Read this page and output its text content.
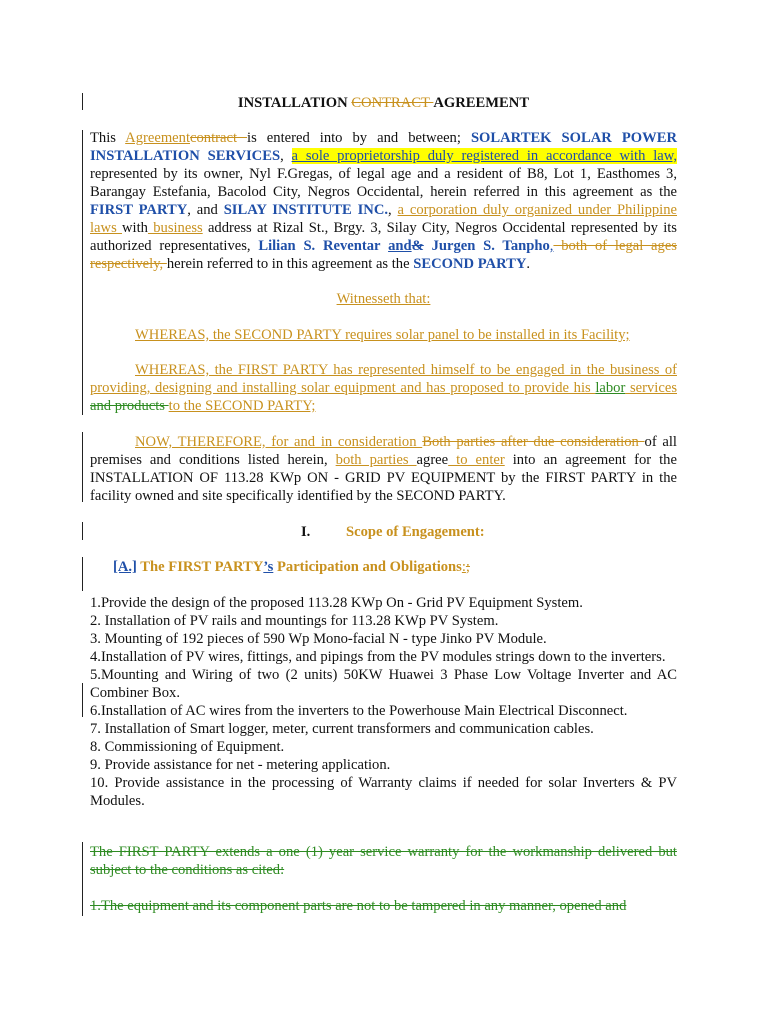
INSTALLATION CONTRACT AGREEMENT
This Agreementcontract is entered into by and between; SOLARTEK SOLAR POWER INSTALLATION SERVICES, a sole proprietorship duly registered in accordance with law, represented by its owner, Nyl F.Gregas, of legal age and a resident of B8, Lot 1, Easthomes 3, Barangay Estefania, Bacolod City, Negros Occidental, herein referred in this agreement as the FIRST PARTY, and SILAY INSTITUTE INC., a corporation duly organized under Philippine laws with business address at Rizal St., Brgy. 3, Silay City, Negros Occidental represented by its authorized representatives, Lilian S. Reventar and& Jurgen S. Tanpho, both of legal ages respectively, herein referred to in this agreement as the SECOND PARTY.
Witnesseth that:
WHEREAS, the SECOND PARTY requires solar panel to be installed in its Facility;
WHEREAS, the FIRST PARTY has represented himself to be engaged in the business of providing, designing and installing solar equipment and has proposed to provide his labor services and products to the SECOND PARTY;
NOW, THEREFORE, for and in consideration Both parties after due consideration of all premises and conditions listed herein, both parties agree to enter into an agreement for the INSTALLATION OF 113.28 KWp ON - GRID PV EQUIPMENT by the FIRST PARTY in the facility owned and site specifically identified by the SECOND PARTY.
I. Scope of Engagement:
[A.] The FIRST PARTY’s Participation and Obligations:;
1.Provide the design of the proposed 113.28 KWp On - Grid PV Equipment System.
2. Installation of PV rails and mountings for 113.28 KWp PV System.
3. Mounting of 192 pieces of 590 Wp Mono-facial N - type Jinko PV Module.
4.Installation of PV wires, fittings, and pipings from the PV modules strings down to the inverters.
5.Mounting and Wiring of two (2 units) 50KW Huawei 3 Phase Low Voltage Inverter and AC Combiner Box.
6.Installation of AC wires from the inverters to the Powerhouse Main Electrical Disconnect.
7. Installation of Smart logger, meter, current transformers and communication cables.
8. Commissioning of Equipment.
9. Provide assistance for net - metering application.
10. Provide assistance in the processing of Warranty claims if needed for solar Inverters & PV Modules.
The FIRST PARTY extends a one (1) year service warranty for the workmanship delivered but subject to the conditions as cited:
1.The equipment and its component parts are not to be tampered in any manner, opened and
